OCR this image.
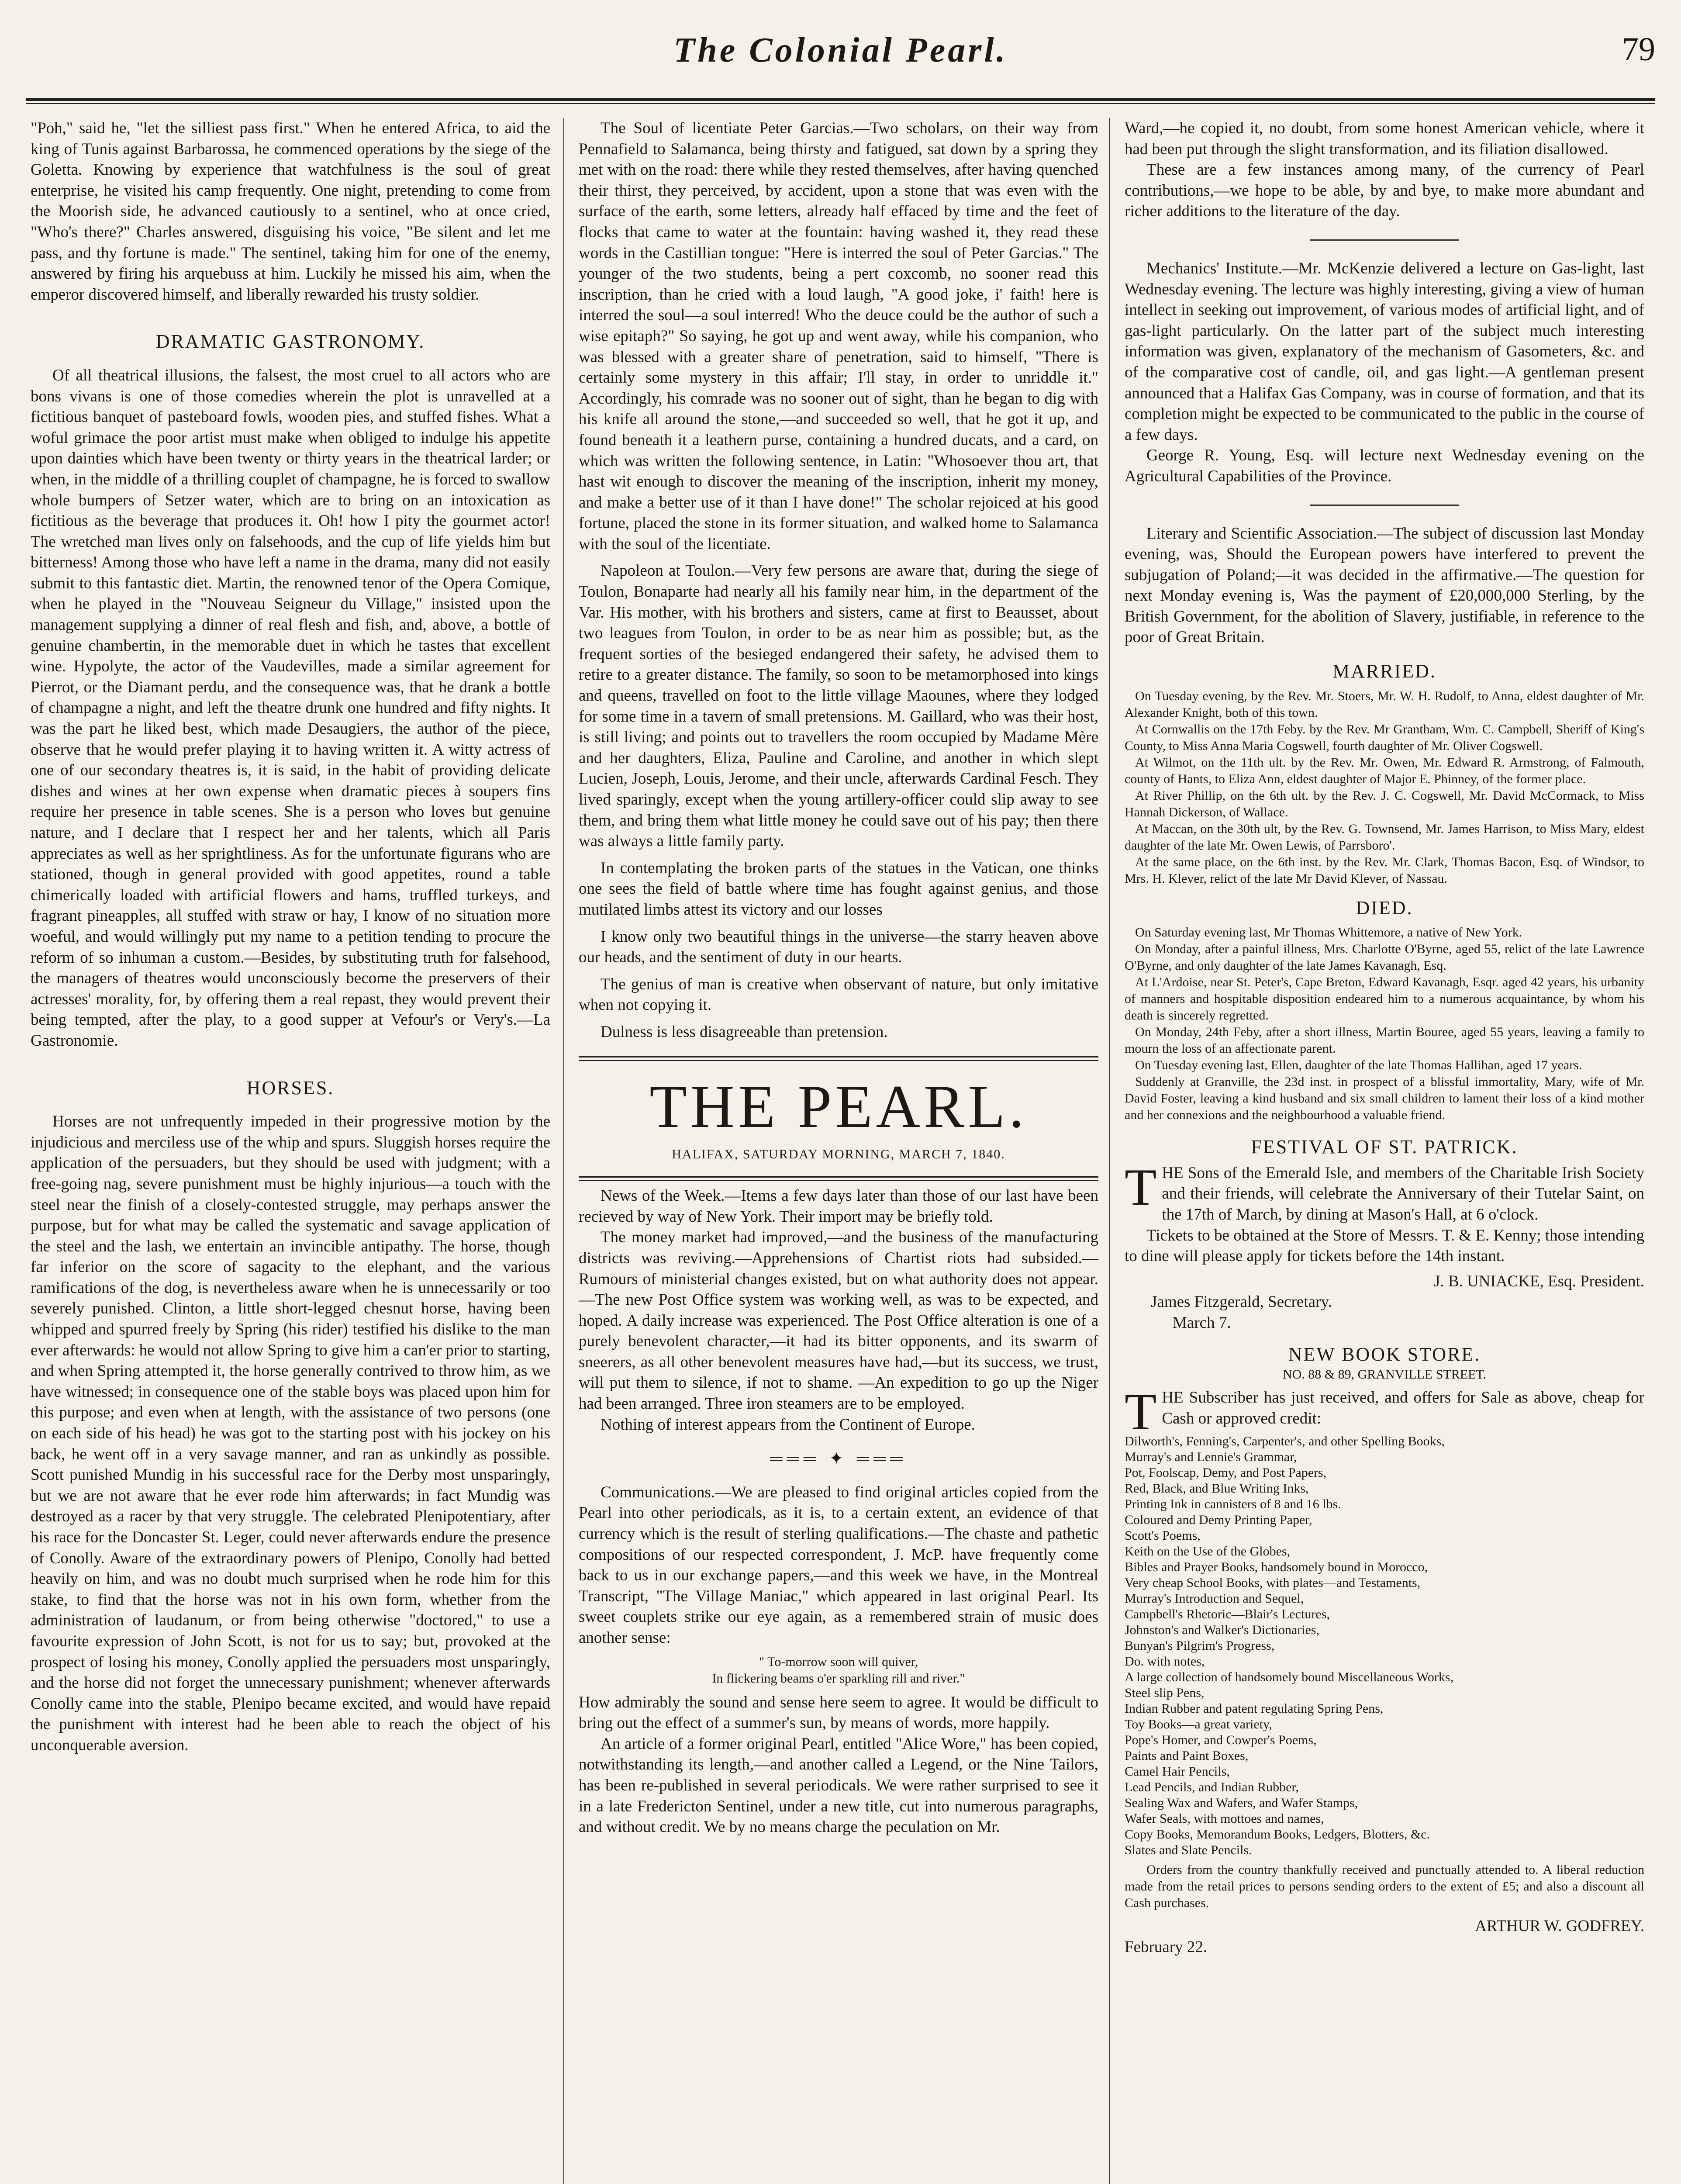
The Colonial Pearl.	79

"Poh," said he, "let the silliest pass first." When he entered Africa, to aid the king of Tunis against Barbarossa, he commenced operations by the siege of the Goletta. Knowing by experience that watchfulness is the soul of great enterprise, he visited his camp frequently. One night, pretending to come from the Moorish side, he advanced cautiously to a sentinel, who at once cried, "Who's there?" Charles answered, disguising his voice, "Be silent and let me pass, and thy fortune is made." The sentinel, taking him for one of the enemy, answered by firing his arquebuss at him. Luckily he missed his aim, when the emperor discovered himself, and liberally rewarded his trusty soldier.

DRAMATIC GASTRONOMY.

Of all theatrical illusions, the falsest, the most cruel to all actors who are bons vivans is one of those comedies wherein the plot is unravelled at a fictitious banquet of pasteboard fowls, wooden pies, and stuffed fishes. What a woful grimace the poor artist must make when obliged to indulge his appetite upon dainties which have been twenty or thirty years in the theatrical larder; or when, in the middle of a thrilling couplet of champagne, he is forced to swallow whole bumpers of Setzer water, which are to bring on an intoxication as fictitious as the beverage that produces it. Oh! how I pity the gourmet actor! The wretched man lives only on falsehoods, and the cup of life yields him but bitterness! Among those who have left a name in the drama, many did not easily submit to this fantastic diet. Martin, the renowned tenor of the Opera Comique, when he played in the "Nouveau Seigneur du Village," insisted upon the management supplying a dinner of real flesh and fish, and, above, a bottle of genuine chambertin, in the memorable duet in which he tastes that excellent wine. Hypolyte, the actor of the Vaudevilles, made a similar agreement for Pierrot, or the Diamant perdu, and the consequence was, that he drank a bottle of champagne a night, and left the theatre drunk one hundred and fifty nights. It was the part he liked best, which made Desaugiers, the author of the piece, observe that he would prefer playing it to having written it. A witty actress of one of our secondary theatres is, it is said, in the habit of providing delicate dishes and wines at her own expense when dramatic pieces à soupers fins require her presence in table scenes. She is a person who loves but genuine nature, and I declare that I respect her and her talents, which all Paris appreciates as well as her sprightliness. As for the unfortunate figurans who are stationed, though in general provided with good appetites, round a table chimerically loaded with artificial flowers and hams, truffled turkeys, and fragrant pineapples, all stuffed with straw or hay, I know of no situation more woeful, and would willingly put my name to a petition tending to procure the reform of so inhuman a custom.—Besides, by substituting truth for falsehood, the managers of theatres would unconsciously become the preservers of their actresses' morality, for, by offering them a real repast, they would prevent their being tempted, after the play, to a good supper at Vefour's or Very's.—La Gastronomie.

HORSES.

Horses are not unfrequently impeded in their progressive motion by the injudicious and merciless use of the whip and spurs. Sluggish horses require the application of the persuaders, but they should be used with judgment; with a free-going nag, severe punishment must be highly injurious—a touch with the steel near the finish of a closely-contested struggle, may perhaps answer the purpose, but for what may be called the systematic and savage application of the steel and the lash, we entertain an invincible antipathy. The horse, though far inferior on the score of sagacity to the elephant, and the various ramifications of the dog, is nevertheless aware when he is unnecessarily or too severely punished. Clinton, a little short-legged chesnut horse, having been whipped and spurred freely by Spring (his rider) testified his dislike to the man ever afterwards: he would not allow Spring to give him a can'er prior to starting, and when Spring attempted it, the horse generally contrived to throw him, as we have witnessed; in consequence one of the stable boys was placed upon him for this purpose; and even when at length, with the assistance of two persons (one on each side of his head) he was got to the starting post with his jockey on his back, he went off in a very savage manner, and ran as unkindly as possible. Scott punished Mundig in his successful race for the Derby most unsparingly, but we are not aware that he ever rode him afterwards; in fact Mundig was destroyed as a racer by that very struggle. The celebrated Plenipotentiary, after his race for the Doncaster St. Leger, could never afterwards endure the presence of Conolly. Aware of the extraordinary powers of Plenipo, Conolly had betted heavily on him, and was no doubt much surprised when he rode him for this stake, to find that the horse was not in his own form, whether from the administration of laudanum, or from being otherwise "doctored," to use a favourite expression of John Scott, is not for us to say; but, provoked at the prospect of losing his money, Conolly applied the persuaders most unsparingly, and the horse did not forget the unnecessary punishment; whenever afterwards Conolly came into the stable, Plenipo became excited, and would have repaid the punishment with interest had he been able to reach the object of his unconquerable aversion.

The Soul of licentiate Peter Garcias.—Two scholars, on their way from Pennafield to Salamanca, being thirsty and fatigued, sat down by a spring they met with on the road: there while they rested themselves, after having quenched their thirst, they perceived, by accident, upon a stone that was even with the surface of the earth, some letters, already half effaced by time and the feet of flocks that came to water at the fountain: having washed it, they read these words in the Castillian tongue: "Here is interred the soul of Peter Garcias." The younger of the two students, being a pert coxcomb, no sooner read this inscription, than he cried with a loud laugh, "A good joke, i' faith! here is interred the soul—a soul interred! Who the deuce could be the author of such a wise epitaph?" So saying, he got up and went away, while his companion, who was blessed with a greater share of penetration, said to himself, "There is certainly some mystery in this affair; I'll stay, in order to unriddle it." Accordingly, his comrade was no sooner out of sight, than he began to dig with his knife all around the stone,—and succeeded so well, that he got it up, and found beneath it a leathern purse, containing a hundred ducats, and a card, on which was written the following sentence, in Latin: "Whosoever thou art, that hast wit enough to discover the meaning of the inscription, inherit my money, and make a better use of it than I have done!" The scholar rejoiced at his good fortune, placed the stone in its former situation, and walked home to Salamanca with the soul of the licentiate.

Napoleon at Toulon.—Very few persons are aware that, during the siege of Toulon, Bonaparte had nearly all his family near him, in the department of the Var. His mother, with his brothers and sisters, came at first to Beausset, about two leagues from Toulon, in order to be as near him as possible; but, as the frequent sorties of the besieged endangered their safety, he advised them to retire to a greater distance. The family, so soon to be metamorphosed into kings and queens, travelled on foot to the little village Maounes, where they lodged for some time in a tavern of small pretensions. M. Gaillard, who was their host, is still living; and points out to travellers the room occupied by Madame Mère and her daughters, Eliza, Pauline and Caroline, and another in which slept Lucien, Joseph, Louis, Jerome, and their uncle, afterwards Cardinal Fesch. They lived sparingly, except when the young artillery-officer could slip away to see them, and bring them what little money he could save out of his pay; then there was always a little family party.

In contemplating the broken parts of the statues in the Vatican, one thinks one sees the field of battle where time has fought against genius, and those mutilated limbs attest its victory and our losses

I know only two beautiful things in the universe—the starry heaven above our heads, and the sentiment of duty in our hearts.

The genius of man is creative when observant of nature, but only imitative when not copying it.

Dulness is less disagreeable than pretension.

THE PEARL.
HALIFAX, SATURDAY MORNING, MARCH 7, 1840.

News of the Week.—Items a few days later than those of our last have been recieved by way of New York. Their import may be briefly told.

The money market had improved,—and the business of the manufacturing districts was reviving.—Apprehensions of Chartist riots had subsided.—Rumours of ministerial changes existed, but on what authority does not appear.—The new Post Office system was working well, as was to be expected, and hoped. A daily increase was experienced. The Post Office alteration is one of a purely benevolent character,—it had its bitter opponents, and its swarm of sneerers, as all other benevolent measures have had,—but its success, we trust, will put them to silence, if not to shame. —An expedition to go up the Niger had been arranged. Three iron steamers are to be employed.

Nothing of interest appears from the Continent of Europe.

═══ ✦ ═══

Communications.—We are pleased to find original articles copied from the Pearl into other periodicals, as it is, to a certain extent, an evidence of that currency which is the result of sterling qualifications.—The chaste and pathetic compositions of our respected correspondent, J. McP. have frequently come back to us in our exchange papers,—and this week we have, in the Montreal Transcript, "The Village Maniac," which appeared in last original Pearl. Its sweet couplets strike our eye again, as a remembered strain of music does another sense:

" To-morrow soon will quiver,
In flickering beams o'er sparkling rill and river."

How admirably the sound and sense here seem to agree. It would be difficult to bring out the effect of a summer's sun, by means of words, more happily.

An article of a former original Pearl, entitled "Alice Wore," has been copied, notwithstanding its length,—and another called a Legend, or the Nine Tailors, has been re-published in several periodicals. We were rather surprised to see it in a late Fredericton Sentinel, under a new title, cut into numerous paragraphs, and without credit. We by no means charge the peculation on Mr.

Ward,—he copied it, no doubt, from some honest American vehicle, where it had been put through the slight transformation, and its filiation disallowed.

These are a few instances among many, of the currency of Pearl contributions,—we hope to be able, by and bye, to make more abundant and richer additions to the literature of the day.

Mechanics' Institute.—Mr. McKenzie delivered a lecture on Gas-light, last Wednesday evening. The lecture was highly interesting, giving a view of human intellect in seeking out improvement, of various modes of artificial light, and of gas-light particularly. On the latter part of the subject much interesting information was given, explanatory of the mechanism of Gasometers, &c. and of the comparative cost of candle, oil, and gas light.—A gentleman present announced that a Halifax Gas Company, was in course of formation, and that its completion might be expected to be communicated to the public in the course of a few days.

George R. Young, Esq. will lecture next Wednesday evening on the Agricultural Capabilities of the Province.

Literary and Scientific Association.—The subject of discussion last Monday evening, was, Should the European powers have interfered to prevent the subjugation of Poland;—it was decided in the affirmative.—The question for next Monday evening is, Was the payment of £20,000,000 Sterling, by the British Government, for the abolition of Slavery, justifiable, in reference to the poor of Great Britain.

MARRIED.

On Tuesday evening, by the Rev. Mr. Stoers, Mr. W. H. Rudolf, to Anna, eldest daughter of Mr. Alexander Knight, both of this town.

At Cornwallis on the 17th Feby. by the Rev. Mr Grantham, Wm. C. Campbell, Sheriff of King's County, to Miss Anna Maria Cogswell, fourth daughter of Mr. Oliver Cogswell.

At Wilmot, on the 11th ult. by the Rev. Mr. Owen, Mr. Edward R. Armstrong, of Falmouth, county of Hants, to Eliza Ann, eldest daughter of Major E. Phinney, of the former place.

At River Phillip, on the 6th ult. by the Rev. J. C. Cogswell, Mr. David McCormack, to Miss Hannah Dickerson, of Wallace.

At Maccan, on the 30th ult, by the Rev. G. Townsend, Mr. James Harrison, to Miss Mary, eldest daughter of the late Mr. Owen Lewis, of Parrsboro'.

At the same place, on the 6th inst. by the Rev. Mr. Clark, Thomas Bacon, Esq. of Windsor, to Mrs. H. Klever, relict of the late Mr David Klever, of Nassau.

DIED.

On Saturday evening last, Mr Thomas Whittemore, a native of New York.

On Monday, after a painful illness, Mrs. Charlotte O'Byrne, aged 55, relict of the late Lawrence O'Byrne, and only daughter of the late James Kavanagh, Esq.

At L'Ardoise, near St. Peter's, Cape Breton, Edward Kavanagh, Esqr. aged 42 years, his urbanity of manners and hospitable disposition endeared him to a numerous acquaintance, by whom his death is sincerely regretted.

On Monday, 24th Feby, after a short illness, Martin Bouree, aged 55 years, leaving a family to mourn the loss of an affectionate parent.

On Tuesday evening last, Ellen, daughter of the late Thomas Hallihan, aged 17 years.

Suddenly at Granville, the 23d inst. in prospect of a blissful immortality, Mary, wife of Mr. David Foster, leaving a kind husband and six small children to lament their loss of a kind mother and her connexions and the neighbourhood a valuable friend.

FESTIVAL OF ST. PATRICK.

THE Sons of the Emerald Isle, and members of the Charitable Irish Society and their friends, will celebrate the Anniversary of their Tutelar Saint, on the 17th of March, by dining at Mason's Hall, at 6 o'clock.

Tickets to be obtained at the Store of Messrs. T. & E. Kenny; those intending to dine will please apply for tickets before the 14th instant.

J. B. UNIACKE, Esq. President.
James Fitzgerald, Secretary.
March 7.
NEW BOOK STORE.
NO. 88 & 89, GRANVILLE STREET.

THE Subscriber has just received, and offers for Sale as above, cheap for Cash or approved credit:

Dilworth's, Fenning's, Carpenter's, and other Spelling Books,
Murray's and Lennie's Grammar,
Pot, Foolscap, Demy, and Post Papers,
Red, Black, and Blue Writing Inks,
Printing Ink in cannisters of 8 and 16 lbs.
Coloured and Demy Printing Paper,
Scott's Poems,
Keith on the Use of the Globes,
Bibles and Prayer Books, handsomely bound in Morocco,
Very cheap School Books, with plates—and Testaments,
Murray's Introduction and Sequel,
Campbell's Rhetoric—Blair's Lectures,
Johnston's and Walker's Dictionaries,
Bunyan's Pilgrim's Progress,
Do. with notes,
A large collection of handsomely bound Miscellaneous Works,
Steel slip Pens,
Indian Rubber and patent regulating Spring Pens,
Toy Books—a great variety,
Pope's Homer, and Cowper's Poems,
Paints and Paint Boxes,
Camel Hair Pencils,
Lead Pencils, and Indian Rubber,
Sealing Wax and Wafers, and Wafer Stamps,
Wafer Seals, with mottoes and names,
Copy Books, Memorandum Books, Ledgers, Blotters, &c.
Slates and Slate Pencils.

Orders from the country thankfully received and punctually attended to. A liberal reduction made from the retail prices to persons sending orders to the extent of £5; and also a discount all Cash purchases.

ARTHUR W. GODFREY.
February 22.
